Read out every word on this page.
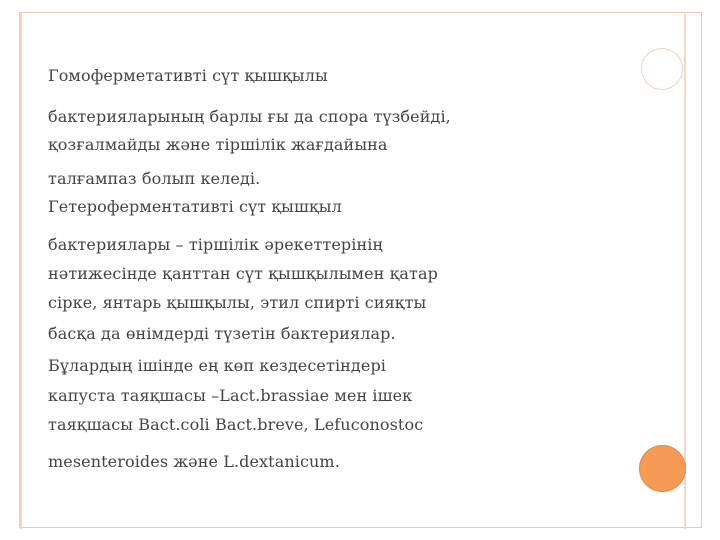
Гомоферметативті сүт қышқылы
бактерияларының барлы ғы да спора түзбейді,
қозғалмайды және тіршілік жағдайына
талғампаз болып келеді.
Гетероферментативті сүт қышқыл
бактериялары – тіршілік әрекеттерінің
нәтижесінде қанттан сүт қышқылымен қатар
сірке, янтарь қышқылы, этил спирті сияқты
басқа да өнімдерді түзетін бактериялар.
Бұлардың ішінде ең көп кездесетіндері
капуста таяқшасы –Lact.brassiae мен ішек
таяқшасы Bact.coli Bact.breve, Lefuconostoc
mesenteroides және L.dextanicum.
